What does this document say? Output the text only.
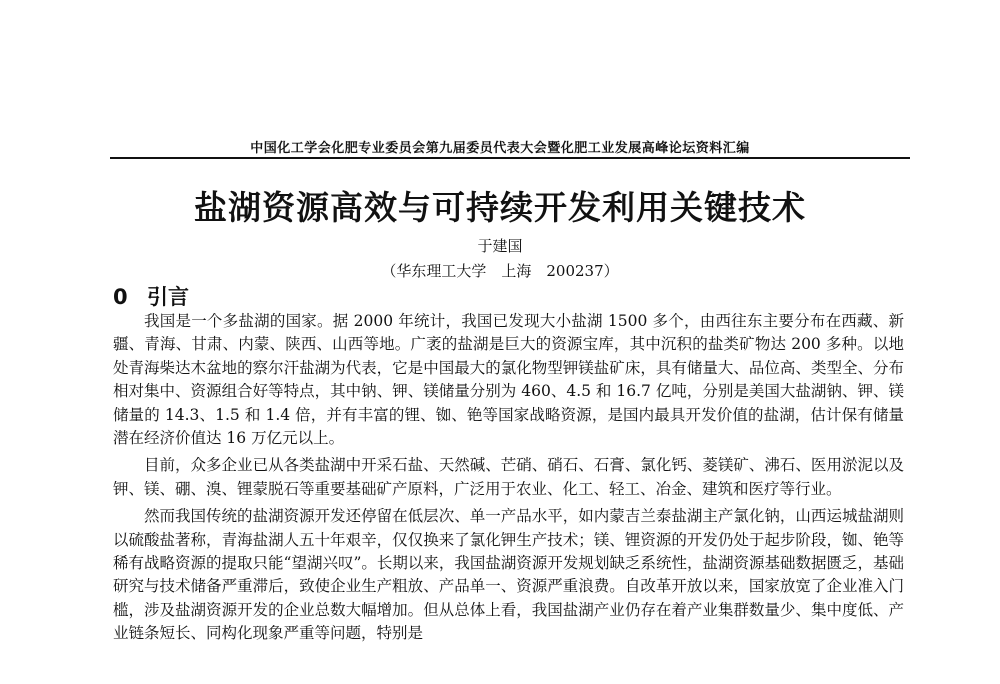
中国化工学会化肥专业委员会第九届委员代表大会暨化肥工业发展高峰论坛资料汇编
盐湖资源高效与可持续开发利用关键技术
于建国
（华东理工大学　上海　200237）
0 引言

我国是一个多盐湖的国家。据 2000 年统计，我国已发现大小盐湖 1500 多个，由西往东主要分布在西藏、新疆、青海、甘肃、内蒙、陕西、山西等地。广袤的盐湖是巨大的资源宝库，其中沉积的盐类矿物达 200 多种。以地处青海柴达木盆地的察尔汗盐湖为代表，它是中国最大的氯化物型钾镁盐矿床，具有储量大、品位高、类型全、分布相对集中、资源组合好等特点，其中钠、钾、镁储量分别为 460、4.5 和 16.7 亿吨，分别是美国大盐湖钠、钾、镁储量的 14.3、1.5 和 1.4 倍，并有丰富的锂、铷、铯等国家战略资源，是国内最具开发价值的盐湖，估计保有储量潜在经济价值达 16 万亿元以上。

目前，众多企业已从各类盐湖中开采石盐、天然碱、芒硝、硝石、石膏、氯化钙、菱镁矿、沸石、医用淤泥以及钾、镁、硼、溴、锂蒙脱石等重要基础矿产原料，广泛用于农业、化工、轻工、冶金、建筑和医疗等行业。

然而我国传统的盐湖资源开发还停留在低层次、单一产品水平，如内蒙吉兰泰盐湖主产氯化钠，山西运城盐湖则以硫酸盐著称，青海盐湖人五十年艰辛，仅仅换来了氯化钾生产技术；镁、锂资源的开发仍处于起步阶段，铷、铯等稀有战略资源的提取只能“望湖兴叹”。长期以来，我国盐湖资源开发规划缺乏系统性，盐湖资源基础数据匮乏，基础研究与技术储备严重滞后，致使企业生产粗放、产品单一、资源严重浪费。自改革开放以来，国家放宽了企业准入门槛，涉及盐湖资源开发的企业总数大幅增加。但从总体上看，我国盐湖产业仍存在着产业集群数量少、集中度低、产业链条短长、同构化现象严重等问题，特别是
